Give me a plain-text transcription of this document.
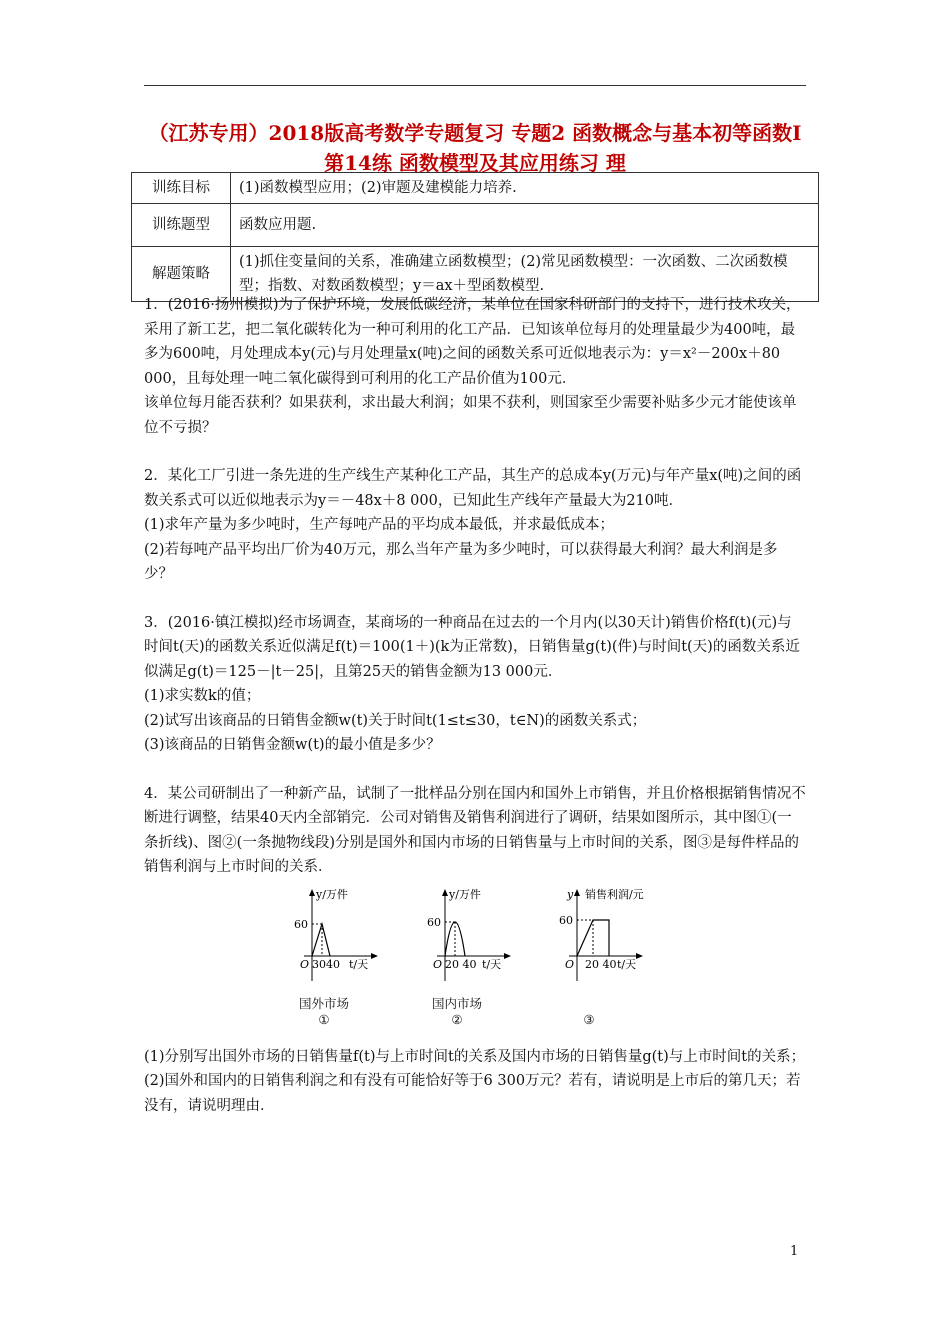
（江苏专用）2018版高考数学专题复习 专题2 函数概念与基本初等函数Ⅰ 第14练 函数模型及其应用练习 理
训练目标	(1)函数模型应用；(2)审题及建模能力培养.
训练题型	函数应用题.
解题策略	(1)抓住变量间的关系，准确建立函数模型；(2)常见函数模型：一次函数、二次函数模型；指数、对数函数模型；y＝ax＋型函数模型.

1．(2016·扬州模拟)为了保护环境，发展低碳经济，某单位在国家科研部门的支持下，进行技术攻关，采用了新工艺，把二氧化碳转化为一种可利用的化工产品．已知该单位每月的处理量最少为400吨，最多为600吨，月处理成本y(元)与月处理量x(吨)之间的函数关系可近似地表示为：y＝x²－200x＋80 000，且每处理一吨二氧化碳得到可利用的化工产品价值为100元．

该单位每月能否获利？如果获利，求出最大利润；如果不获利，则国家至少需要补贴多少元才能使该单位不亏损？

2．某化工厂引进一条先进的生产线生产某种化工产品，其生产的总成本y(万元)与年产量x(吨)之间的函数关系式可以近似地表示为y＝－48x＋8 000，已知此生产线年产量最大为210吨．

(1)求年产量为多少吨时，生产每吨产品的平均成本最低，并求最低成本；

(2)若每吨产品平均出厂价为40万元，那么当年产量为多少吨时，可以获得最大利润？最大利润是多少？

3．(2016·镇江模拟)经市场调查，某商场的一种商品在过去的一个月内(以30天计)销售价格f(t)(元)与时间t(天)的函数关系近似满足f(t)＝100(1＋)(k为正常数)，日销售量g(t)(件)与时间t(天)的函数关系近似满足g(t)＝125－|t－25|，且第25天的销售金额为13 000元．

(1)求实数k的值；

(2)试写出该商品的日销售金额w(t)关于时间t(1≤t≤30，t∈N)的函数关系式；

(3)该商品的日销售金额w(t)的最小值是多少？

4．某公司研制出了一种新产品，试制了一批样品分别在国内和国外上市销售，并且价格根据销售情况不断进行调整，结果40天内全部销完．公司对销售及销售利润进行了调研，结果如图所示，其中图①(一条折线)、图②(一条抛物线段)分别是国外和国内市场的日销售量与上市时间的关系，图③是每件样品的销售利润与上市时间的关系．

60
O 3040 t/天
y/万件
国外市场
①
60
O 20 40 t/天
y/万件
国内市场
②
60
O 20 40 t/天
y 销售利润/元
③

(1)分别写出国外市场的日销售量f(t)与上市时间t的关系及国内市场的日销售量g(t)与上市时间t的关系；

(2)国外和国内的日销售利润之和有没有可能恰好等于6 300万元？若有，请说明是上市后的第几天；若没有，请说明理由．

1
